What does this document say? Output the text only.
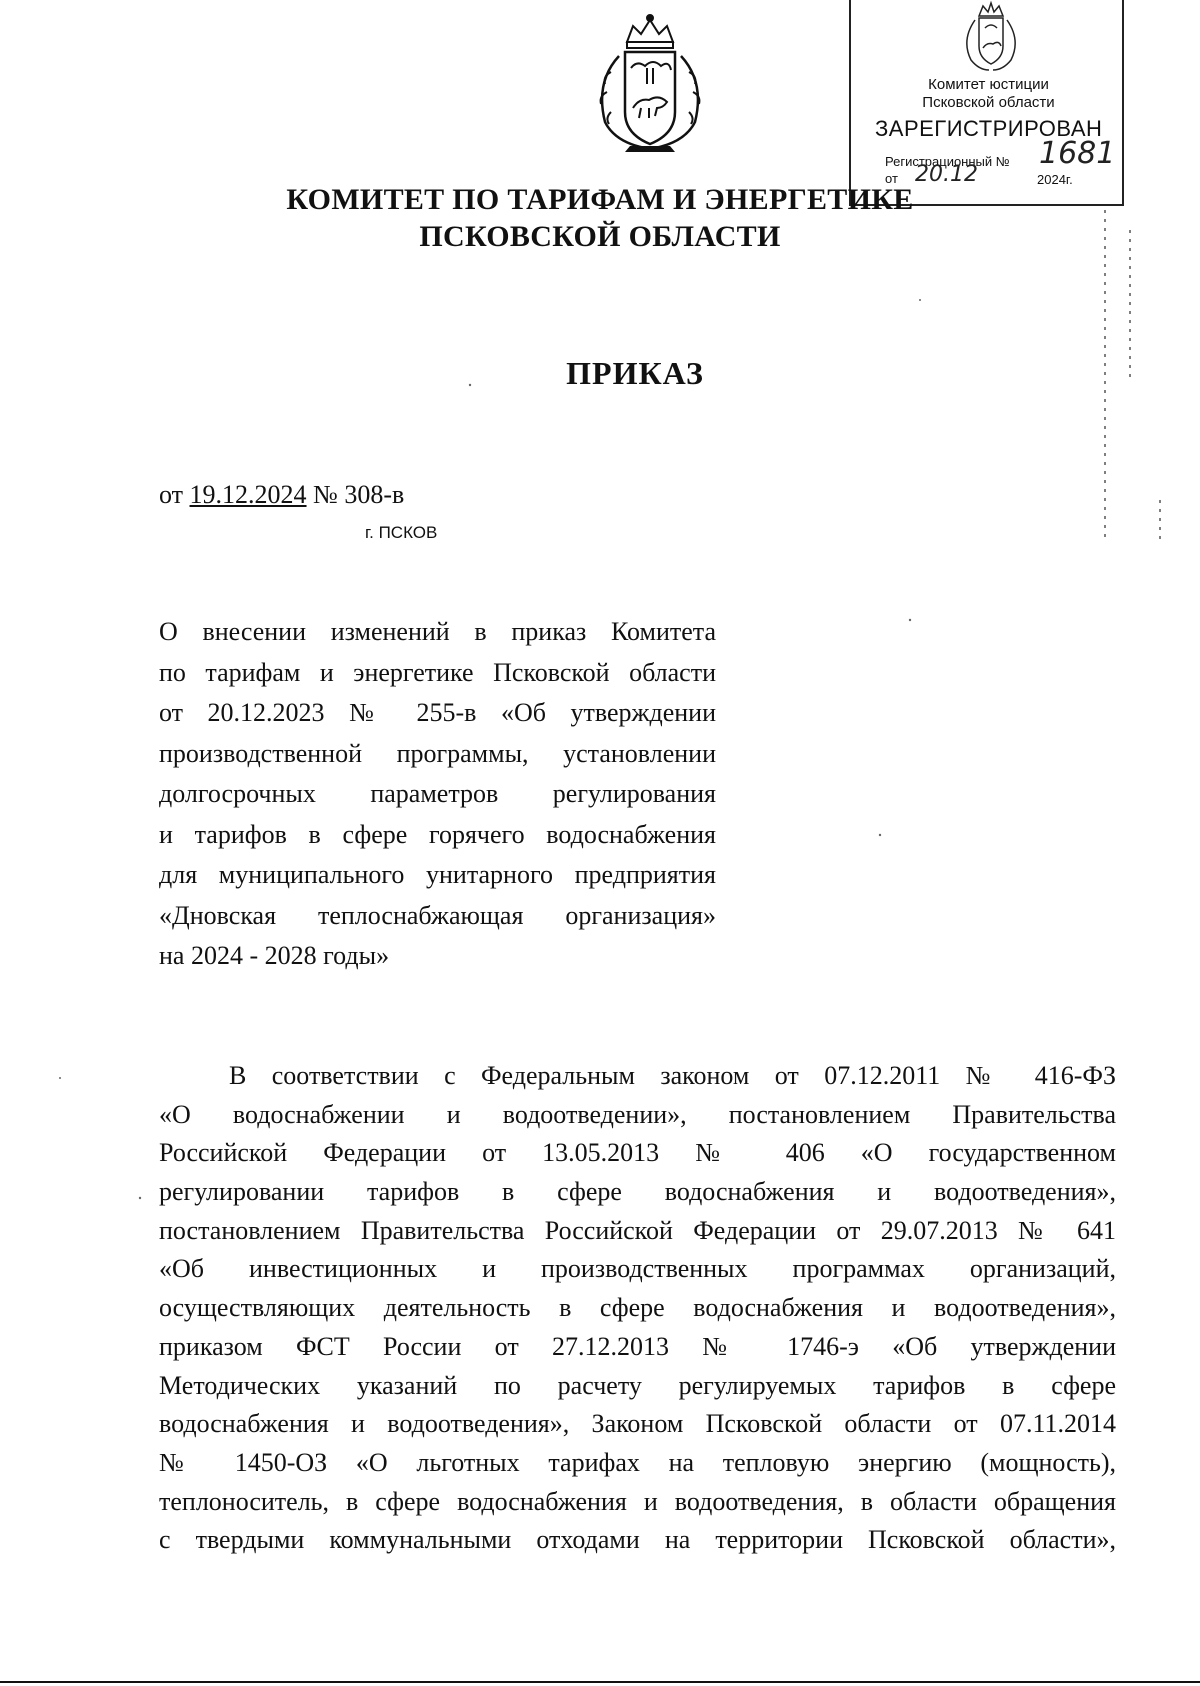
Комитет юстиции
Псковской области
ЗАРЕГИСТРИРОВАН
Регистрационный № 1681
от 20.12	2024г.
КОМИТЕТ ПО ТАРИФАМ И ЭНЕРГЕТИКЕ
ПСКОВСКОЙ ОБЛАСТИ
ПРИКАЗ
от 19.12.2024 № 308-в
г. ПСКОВ
О внесении изменений в приказ Комитета
по тарифам и энергетике Псковской области
от 20.12.2023 № 255-в «Об утверждении
производственной программы, установлении
долгосрочных параметров регулирования
и тарифов в сфере горячего водоснабжения
для муниципального унитарного предприятия
«Дновская теплоснабжающая организация»
на 2024 - 2028 годы»
В соответствии с Федеральным законом от 07.12.2011 № 416-ФЗ
«О водоснабжении и водоотведении», постановлением Правительства
Российской Федерации от 13.05.2013 № 406 «О государственном
регулировании тарифов в сфере водоснабжения и водоотведения»,
постановлением Правительства Российской Федерации от 29.07.2013 № 641
«Об инвестиционных и производственных программах организаций,
осуществляющих деятельность в сфере водоснабжения и водоотведения»,
приказом ФСТ России от 27.12.2013 № 1746-э «Об утверждении
Методических указаний по расчету регулируемых тарифов в сфере
водоснабжения и водоотведения», Законом Псковской области от 07.11.2014
№ 1450-ОЗ «О льготных тарифах на тепловую энергию (мощность),
теплоноситель, в сфере водоснабжения и водоотведения, в области обращения
с твердыми коммунальными отходами на территории Псковской области»,
